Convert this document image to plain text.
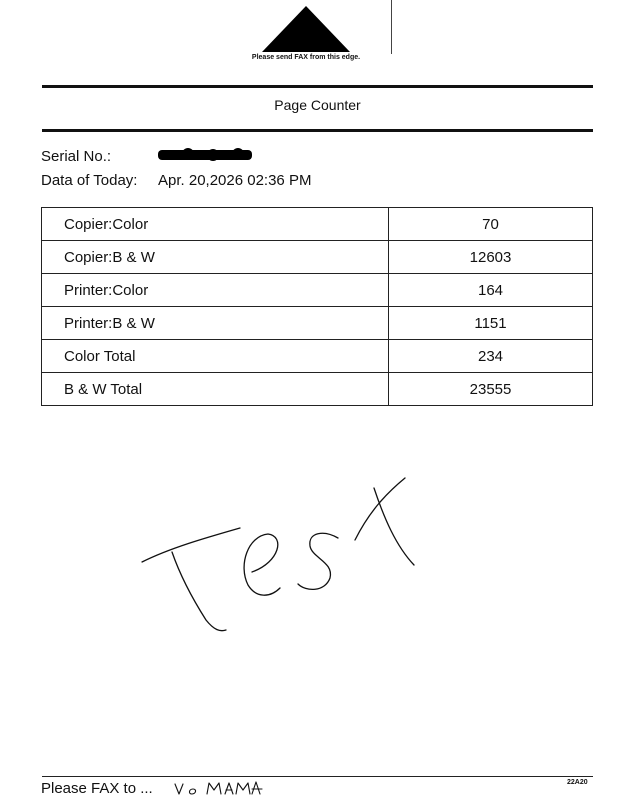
Please send FAX from this edge.
Page Counter
Serial No.:
Data of Today: Apr. 20,2026 02:36 PM
Copier:Color	70
Copier:B & W	12603
Printer:Color	164
Printer:B & W	1151
Color Total	234
B & W Total	23555
Please FAX to ...	22A20
